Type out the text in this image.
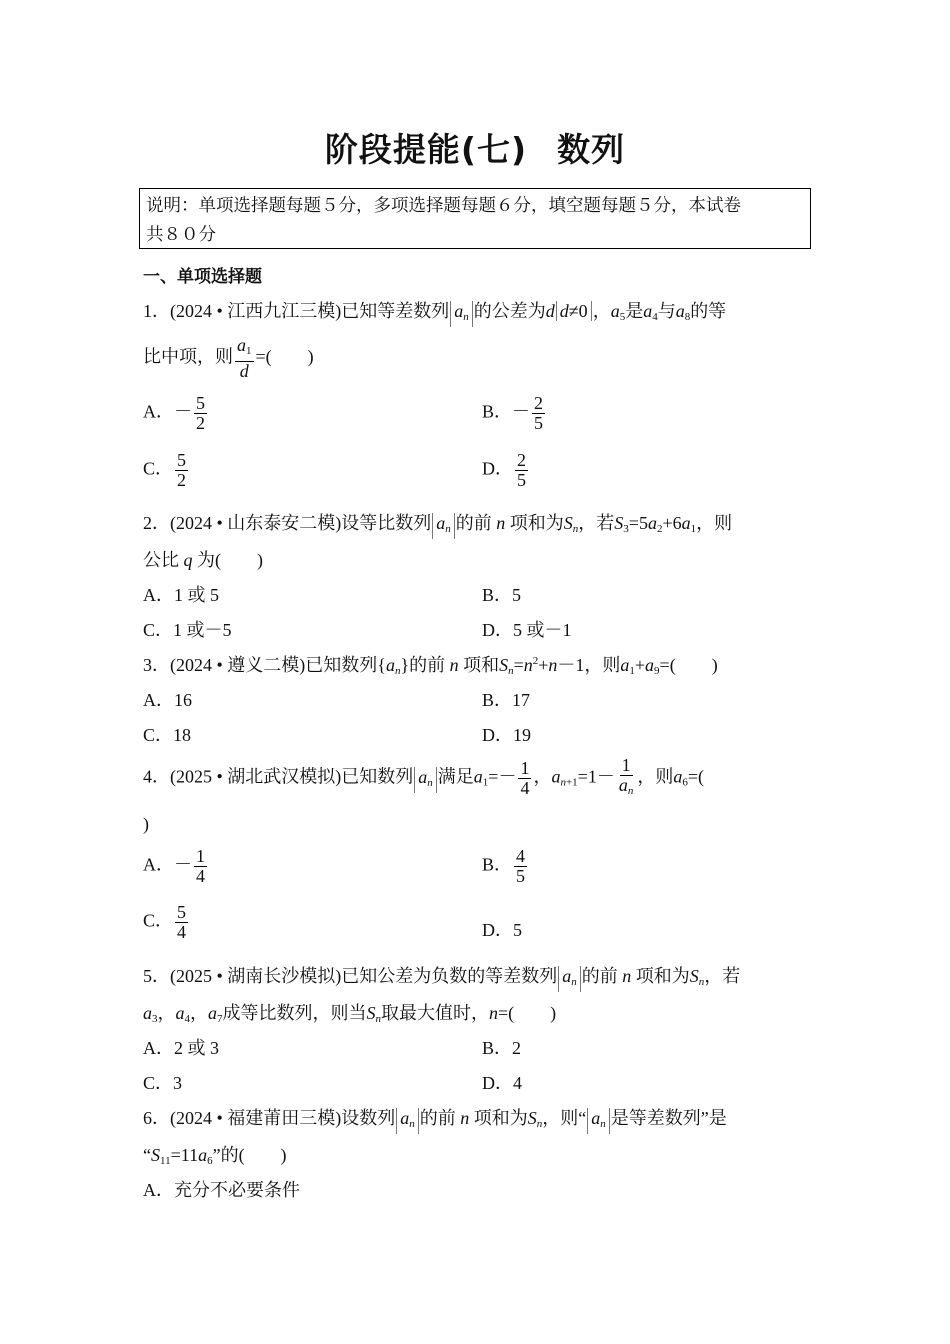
阶段提能(七) 数列
说明：单项选择题每题５分，多项选择题每题６分，填空题每题５分，本试卷
共８０分
一、单项选择题
1．(2024 • 江西九江三模)已知等差数列 $a_n$ 的公差为d d≠0 ，$a_5$是$a_4$与$a_8$的等
比中项，则 $\frac{a_1}{d}$ =(　　)
A．－ $\frac{5}{2}$	B．－ $\frac{2}{5}$
C． $\frac{5}{2}$	D． $\frac{2}{5}$
2．(2024 • 山东泰安二模)设等比数列 $a_n$ 的前 n 项和为$S_n$，若$S_3=5a_2+6a_1$，则
公比 q 为(　　)
A．1 或 5	B．5
C．1 或－5	D．5 或－1
3．(2024 • 遵义二模)已知数列$\{a_n\}$的前 n 项和$S_n=n^2+n-1$，则$a_1+a_9=$(　　)
A．16	B．17
C．18	D．19
4．(2025 • 湖北武汉模拟)已知数列 $a_n$ 满足$a_1=- \frac{1}{4}$ ，$a_{n+1}=1- \frac{1}{a_n}$ ，则$a_6=$(
)
A．－ $\frac{1}{4}$	B． $\frac{4}{5}$
C． $\frac{5}{4}$	D．5
5．(2025 • 湖南长沙模拟)已知公差为负数的等差数列 $a_n$ 的前 n 项和为$S_n$，若
$a_3$，$a_4$，$a_7$成等比数列，则当$S_n$取最大值时，n=(　　)
A．2 或 3	B．2
C．3	D．4
6．(2024 • 福建莆田三模)设数列 $a_n$ 的前 n 项和为$S_n$，则“ $a_n$ 是等差数列”是
“$S_{11}=11a_6$”的(　　)
A．充分不必要条件
